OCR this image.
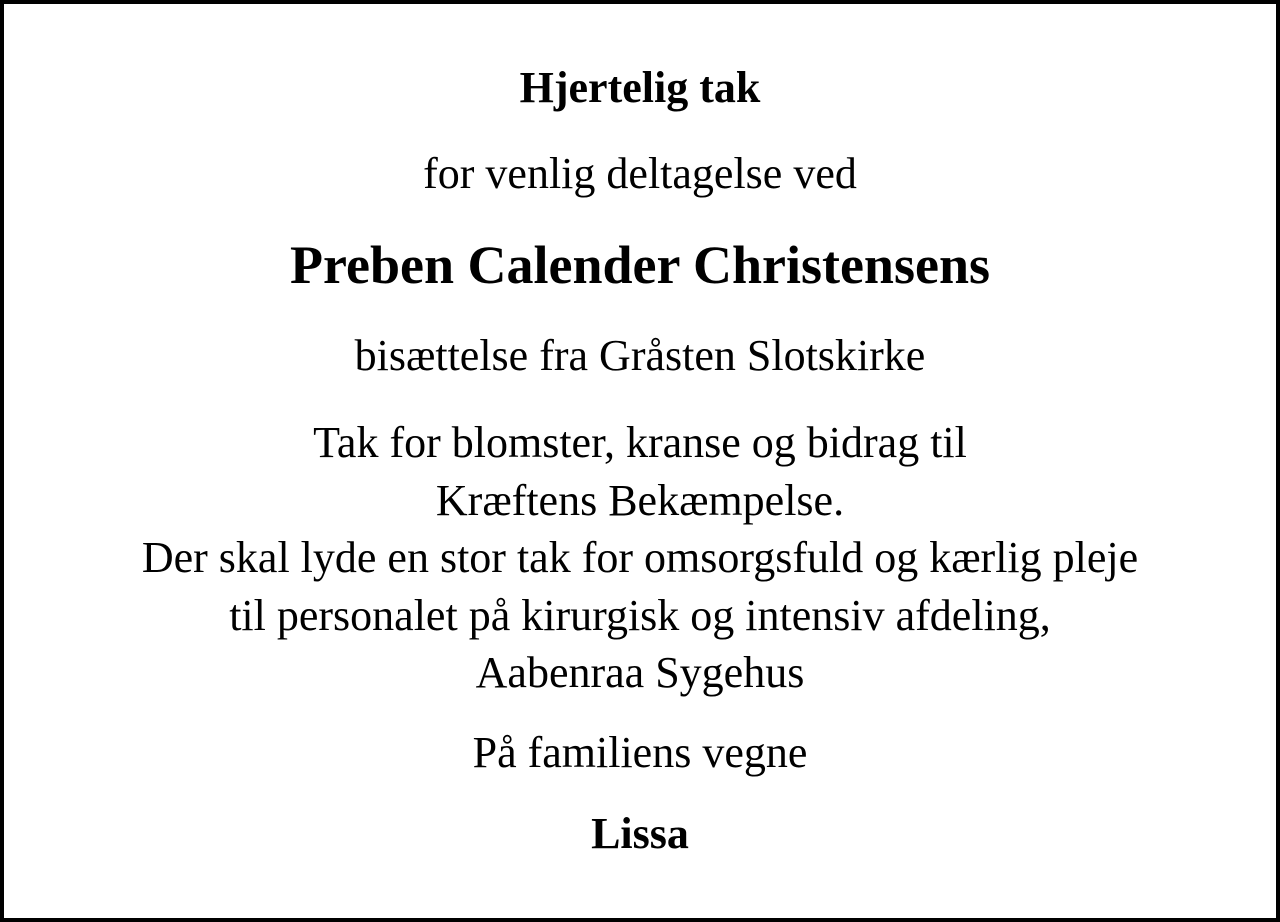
Hjertelig tak
for venlig deltagelse ved
Preben Calender Christensens
bisættelse fra Gråsten Slotskirke
Tak for blomster, kranse og bidrag til
Kræftens Bekæmpelse.
Der skal lyde en stor tak for omsorgsfuld og kærlig pleje
til personalet på kirurgisk og intensiv afdeling,
Aabenraa Sygehus
På familiens vegne
Lissa
